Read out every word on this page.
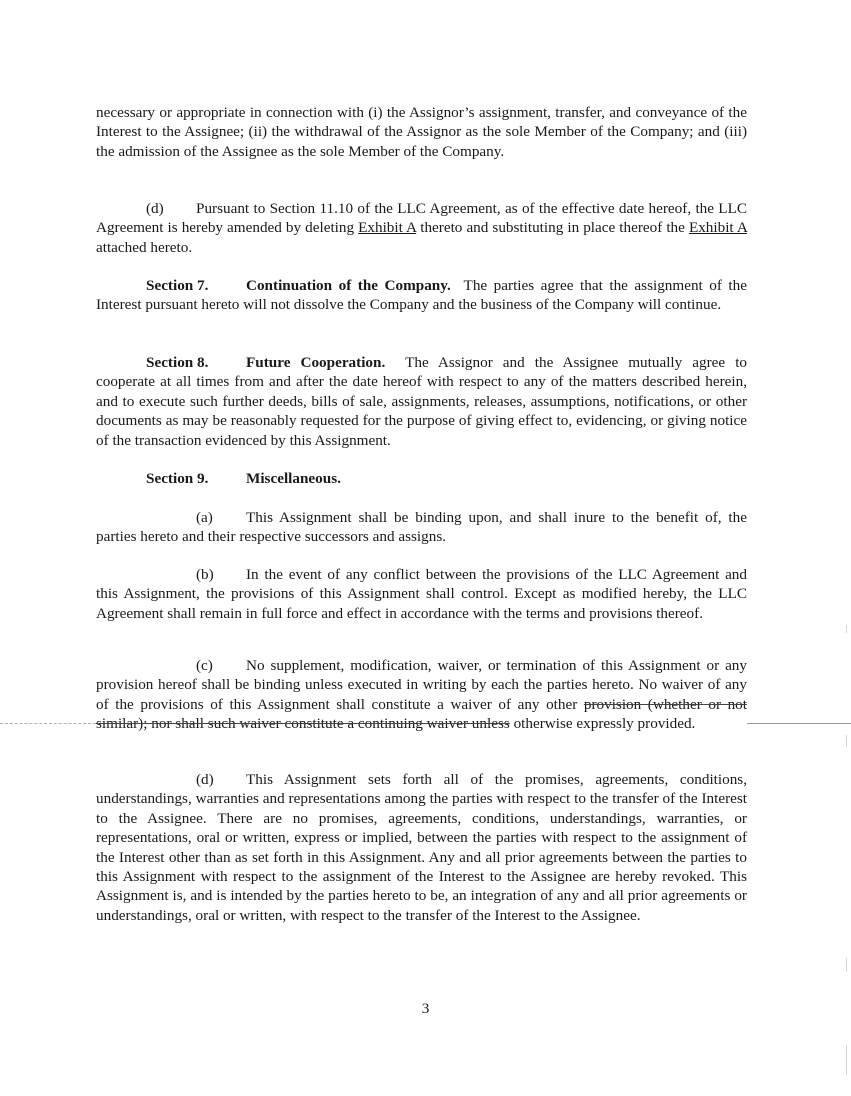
necessary or appropriate in connection with (i) the Assignor’s assignment, transfer, and conveyance of the Interest to the Assignee; (ii) the withdrawal of the Assignor as the sole Member of the Company; and (iii) the admission of the Assignee as the sole Member of the Company.

(d) Pursuant to Section 11.10 of the LLC Agreement, as of the effective date hereof, the LLC Agreement is hereby amended by deleting Exhibit A thereto and substituting in place thereof the Exhibit A attached hereto.

Section 7. Continuation of the Company. The parties agree that the assignment of the Interest pursuant hereto will not dissolve the Company and the business of the Company will continue.

Section 8. Future Cooperation. The Assignor and the Assignee mutually agree to cooperate at all times from and after the date hereof with respect to any of the matters described herein, and to execute such further deeds, bills of sale, assignments, releases, assumptions, notifications, or other documents as may be reasonably requested for the purpose of giving effect to, evidencing, or giving notice of the transaction evidenced by this Assignment.

Section 9. Miscellaneous.

(a) This Assignment shall be binding upon, and shall inure to the benefit of, the parties hereto and their respective successors and assigns.

(b) In the event of any conflict between the provisions of the LLC Agreement and this Assignment, the provisions of this Assignment shall control. Except as modified hereby, the LLC Agreement shall remain in full force and effect in accordance with the terms and provisions thereof.

(c) No supplement, modification, waiver, or termination of this Assignment or any provision hereof shall be binding unless executed in writing by each the parties hereto. No waiver of any of the provisions of this Assignment shall constitute a waiver of any other provision (whether or not similar); nor shall such waiver constitute a continuing waiver unless otherwise expressly provided.

(d) This Assignment sets forth all of the promises, agreements, conditions, understandings, warranties and representations among the parties with respect to the transfer of the Interest to the Assignee. There are no promises, agreements, conditions, understandings, warranties, or representations, oral or written, express or implied, between the parties with respect to the assignment of the Interest other than as set forth in this Assignment. Any and all prior agreements between the parties to this Assignment with respect to the assignment of the Interest to the Assignee are hereby revoked. This Assignment is, and is intended by the parties hereto to be, an integration of any and all prior agreements or understandings, oral or written, with respect to the transfer of the Interest to the Assignee.

3
